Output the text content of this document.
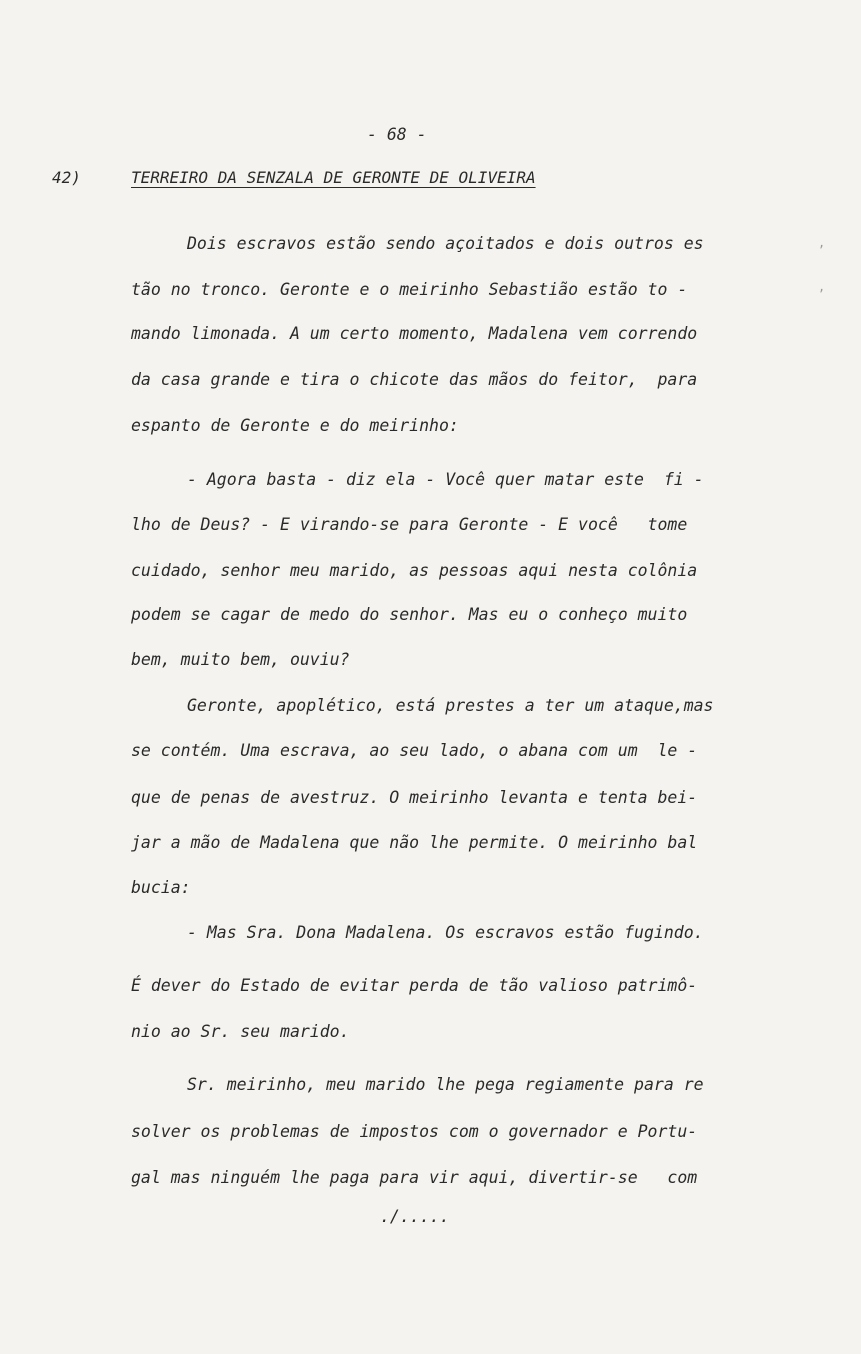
- 68 -
42)	TERREIRO DA SENZALA DE GERONTE DE OLIVEIRA
Dois escravos estão sendo açoitados e dois outros es
tão no tronco. Geronte e o meirinho Sebastião estão to -
mando limonada. A um certo momento, Madalena vem correndo
da casa grande e tira o chicote das mãos do feitor,  para
espanto de Geronte e do meirinho:
- Agora basta - diz ela - Você quer matar este  fi -
lho de Deus? - E virando-se para Geronte - E você   tome
cuidado, senhor meu marido, as pessoas aqui nesta colônia
podem se cagar de medo do senhor. Mas eu o conheço muito
bem, muito bem, ouviu?
Geronte, apoplético, está prestes a ter um ataque,mas
se contém. Uma escrava, ao seu lado, o abana com um  le -
que de penas de avestruz. O meirinho levanta e tenta bei-
jar a mão de Madalena que não lhe permite. O meirinho bal
bucia:
- Mas Sra. Dona Madalena. Os escravos estão fugindo.
É dever do Estado de evitar perda de tão valioso patrimô-
nio ao Sr. seu marido.
Sr. meirinho, meu marido lhe pega regiamente para re
solver os problemas de impostos com o governador e Portu-
gal mas ninguém lhe paga para vir aqui, divertir-se   com
./.....
,
,
